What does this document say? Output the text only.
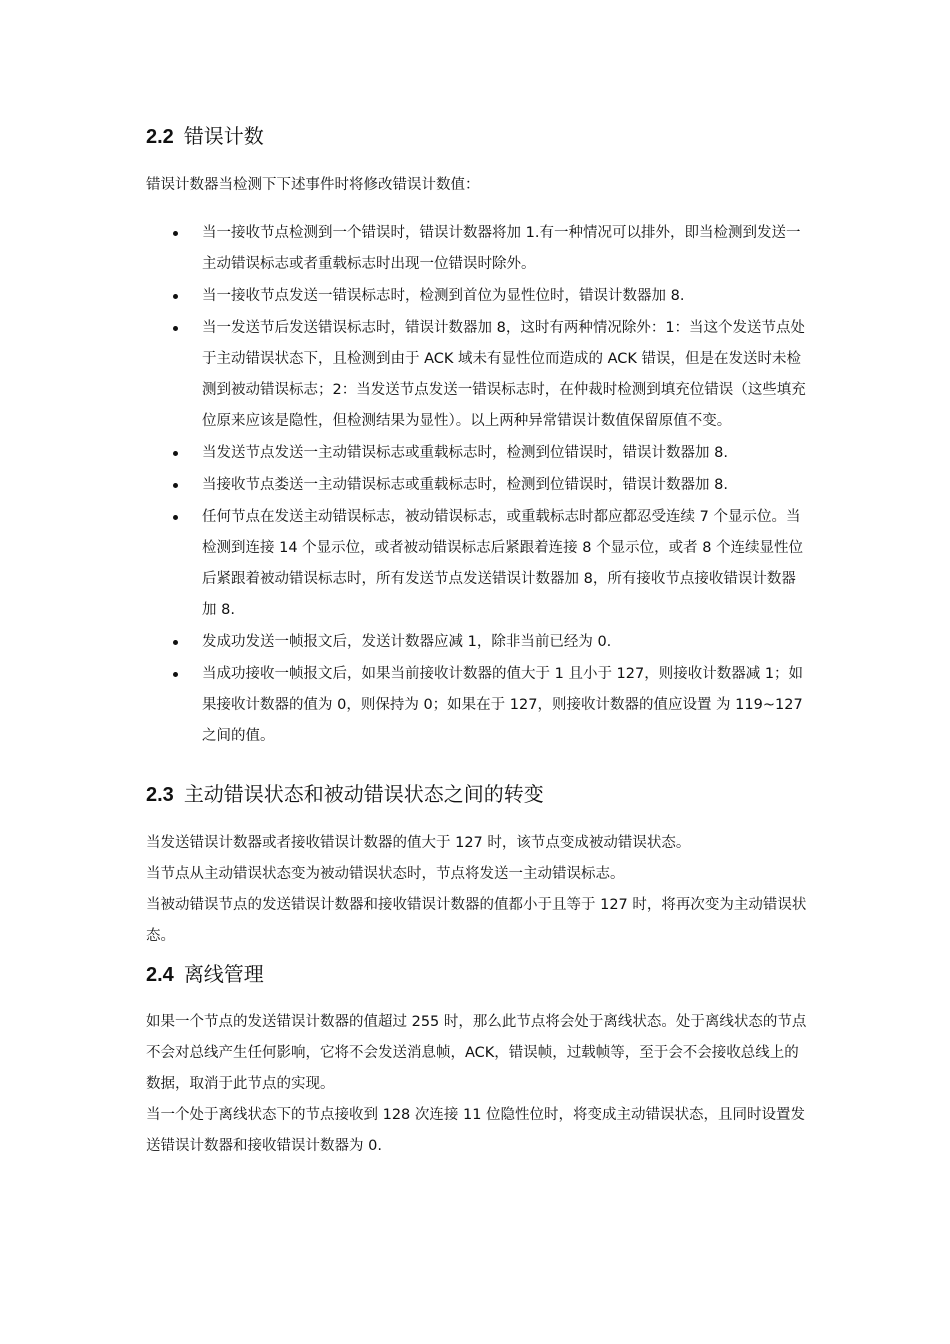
2.2 错误计数

错误计数器当检测下下述事件时将修改错误计数值：

当一接收节点检测到一个错误时，错误计数器将加 1.有一种情况可以排外，即当检测到发送一主动错误标志或者重载标志时出现一位错误时除外。
当一接收节点发送一错误标志时，检测到首位为显性位时，错误计数器加 8.
当一发送节后发送错误标志时，错误计数器加 8，这时有两种情况除外：1：当这个发送节点处于主动错误状态下，且检测到由于 ACK 域未有显性位而造成的 ACK 错误，但是在发送时未检测到被动错误标志；2：当发送节点发送一错误标志时，在仲裁时检测到填充位错误（这些填充位原来应该是隐性，但检测结果为显性）。以上两种异常错误计数值保留原值不变。
当发送节点发送一主动错误标志或重载标志时，检测到位错误时，错误计数器加 8.
当接收节点娄送一主动错误标志或重载标志时，检测到位错误时，错误计数器加 8.
任何节点在发送主动错误标志，被动错误标志，或重载标志时都应都忍受连续 7 个显示位。当检测到连接 14 个显示位，或者被动错误标志后紧跟着连接 8 个显示位，或者 8 个连续显性位后紧跟着被动错误标志时，所有发送节点发送错误计数器加 8，所有接收节点接收错误计数器加 8.
发成功发送一帧报文后，发送计数器应减 1，除非当前已经为 0.
当成功接收一帧报文后，如果当前接收计数器的值大于 1 且小于 127，则接收计数器减 1；如果接收计数器的值为 0，则保持为 0；如果在于 127，则接收计数器的值应设置 为 119~127 之间的值。
2.3 主动错误状态和被动错误状态之间的转变

当发送错误计数器或者接收错误计数器的值大于 127 时，该节点变成被动错误状态。

当节点从主动错误状态变为被动错误状态时，节点将发送一主动错误标志。

当被动错误节点的发送错误计数器和接收错误计数器的值都小于且等于 127 时，将再次变为主动错误状态。

2.4 离线管理

如果一个节点的发送错误计数器的值超过 255 时，那么此节点将会处于离线状态。处于离线状态的节点不会对总线产生任何影响，它将不会发送消息帧，ACK，错误帧，过载帧等，至于会不会接收总线上的数据，取消于此节点的实现。

当一个处于离线状态下的节点接收到 128 次连接 11 位隐性位时，将变成主动错误状态，且同时设置发送错误计数器和接收错误计数器为 0.
